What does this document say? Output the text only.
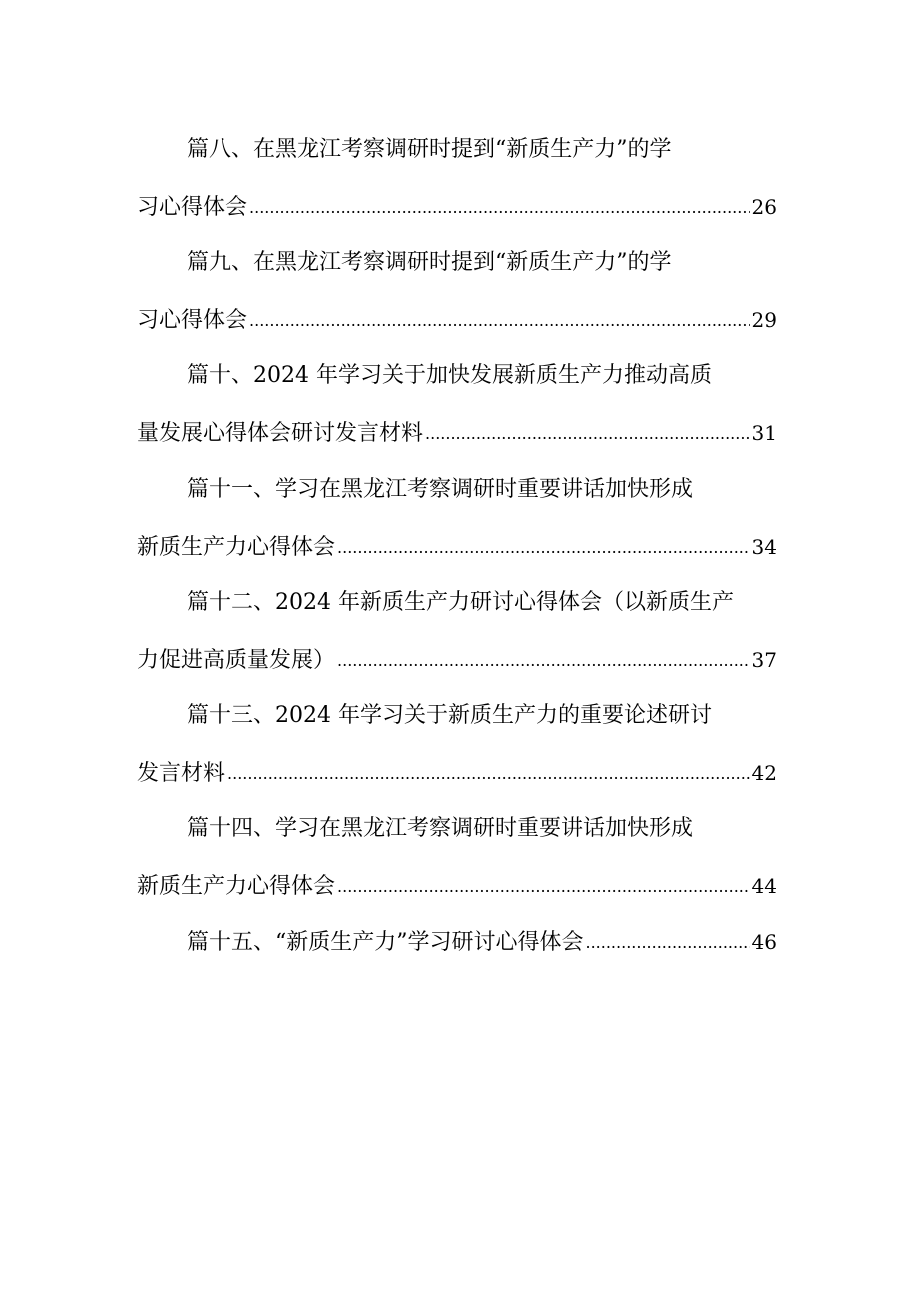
篇八、在黑龙江考察调研时提到“新质生产力”的学
习心得体会 .....	26
篇九、在黑龙江考察调研时提到“新质生产力”的学
习心得体会 .....	29
篇十、2024 年学习关于加快发展新质生产力推动高质
量发展心得体会研讨发言材料 .....	31
篇十一、学习在黑龙江考察调研时重要讲话加快形成
新质生产力心得体会 .....	34
篇十二、2024 年新质生产力研讨心得体会（以新质生产
力促进高质量发展） .....	37
篇十三、2024 年学习关于新质生产力的重要论述研讨
发言材料 .....	42
篇十四、学习在黑龙江考察调研时重要讲话加快形成
新质生产力心得体会 .....	44
篇十五、“新质生产力”学习研讨心得体会 .....	46
